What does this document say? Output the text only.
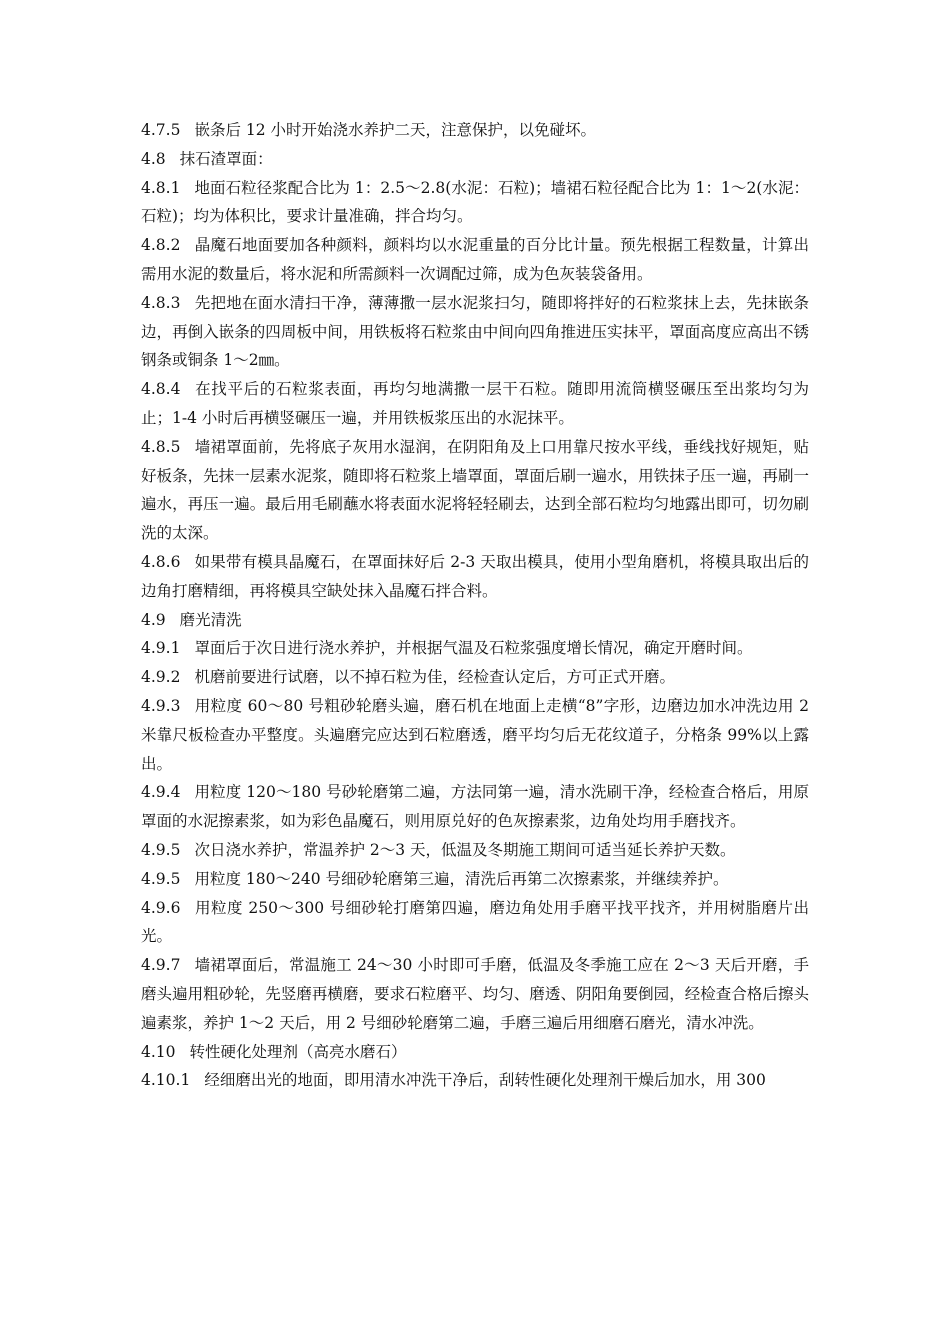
4.7.5 嵌条后 12 小时开始浇水养护二天，注意保护，以免碰坏。

4.8 抹石渣罩面：

4.8.1 地面石粒径浆配合比为 1：2.5～2.8(水泥：石粒)；墙裙石粒径配合比为 1：1～2(水泥：石粒)；均为体积比，要求计量准确，拌合均匀。

4.8.2 晶魔石地面要加各种颜料，颜料均以水泥重量的百分比计量。预先根据工程数量，计算出需用水泥的数量后，将水泥和所需颜料一次调配过筛，成为色灰装袋备用。

4.8.3 先把地在面水清扫干净，薄薄撒一层水泥浆扫匀，随即将拌好的石粒浆抹上去，先抹嵌条边，再倒入嵌条的四周板中间，用铁板将石粒浆由中间向四角推进压实抹平，罩面高度应高出不锈钢条或铜条 1～2㎜。

4.8.4 在找平后的石粒浆表面，再均匀地满撒一层干石粒。随即用流筒横竖碾压至出浆均匀为止；1-4 小时后再横竖碾压一遍，并用铁板浆压出的水泥抹平。

4.8.5 墙裙罩面前，先将底子灰用水湿润，在阴阳角及上口用靠尺按水平线，垂线找好规矩，贴好板条，先抹一层素水泥浆，随即将石粒浆上墙罩面，罩面后刷一遍水，用铁抹子压一遍，再刷一遍水，再压一遍。最后用毛刷蘸水将表面水泥将轻轻刷去，达到全部石粒均匀地露出即可，切勿刷洗的太深。

4.8.6 如果带有模具晶魔石，在罩面抹好后 2-3 天取出模具，使用小型角磨机，将模具取出后的边角打磨精细，再将模具空缺处抹入晶魔石拌合料。

4.9 磨光清洗

4.9.1 罩面后于次日进行浇水养护，并根据气温及石粒浆强度增长情况，确定开磨时间。

4.9.2 机磨前要进行试磨，以不掉石粒为佳，经检查认定后，方可正式开磨。

4.9.3 用粒度 60～80 号粗砂轮磨头遍，磨石机在地面上走横“8”字形，边磨边加水冲洗边用 2 米靠尺板检查办平整度。头遍磨完应达到石粒磨透，磨平均匀后无花纹道子，分格条 99%以上露出。

4.9.4 用粒度 120～180 号砂轮磨第二遍，方法同第一遍，清水洗刷干净，经检查合格后，用原罩面的水泥擦素浆，如为彩色晶魔石，则用原兑好的色灰擦素浆，边角处均用手磨找齐。

4.9.5 次日浇水养护，常温养护 2～3 天，低温及冬期施工期间可适当延长养护天数。

4.9.5 用粒度 180～240 号细砂轮磨第三遍，清洗后再第二次擦素浆，并继续养护。

4.9.6 用粒度 250～300 号细砂轮打磨第四遍，磨边角处用手磨平找平找齐，并用树脂磨片出光。

4.9.7 墙裙罩面后，常温施工 24～30 小时即可手磨，低温及冬季施工应在 2～3 天后开磨，手磨头遍用粗砂轮，先竖磨再横磨，要求石粒磨平、均匀、磨透、阴阳角要倒园，经检查合格后擦头遍素浆，养护 1～2 天后，用 2 号细砂轮磨第二遍，手磨三遍后用细磨石磨光，清水冲洗。

4.10 转性硬化处理剂（高亮水磨石）

4.10.1 经细磨出光的地面，即用清水冲洗干净后，刮转性硬化处理剂干燥后加水，用 300
